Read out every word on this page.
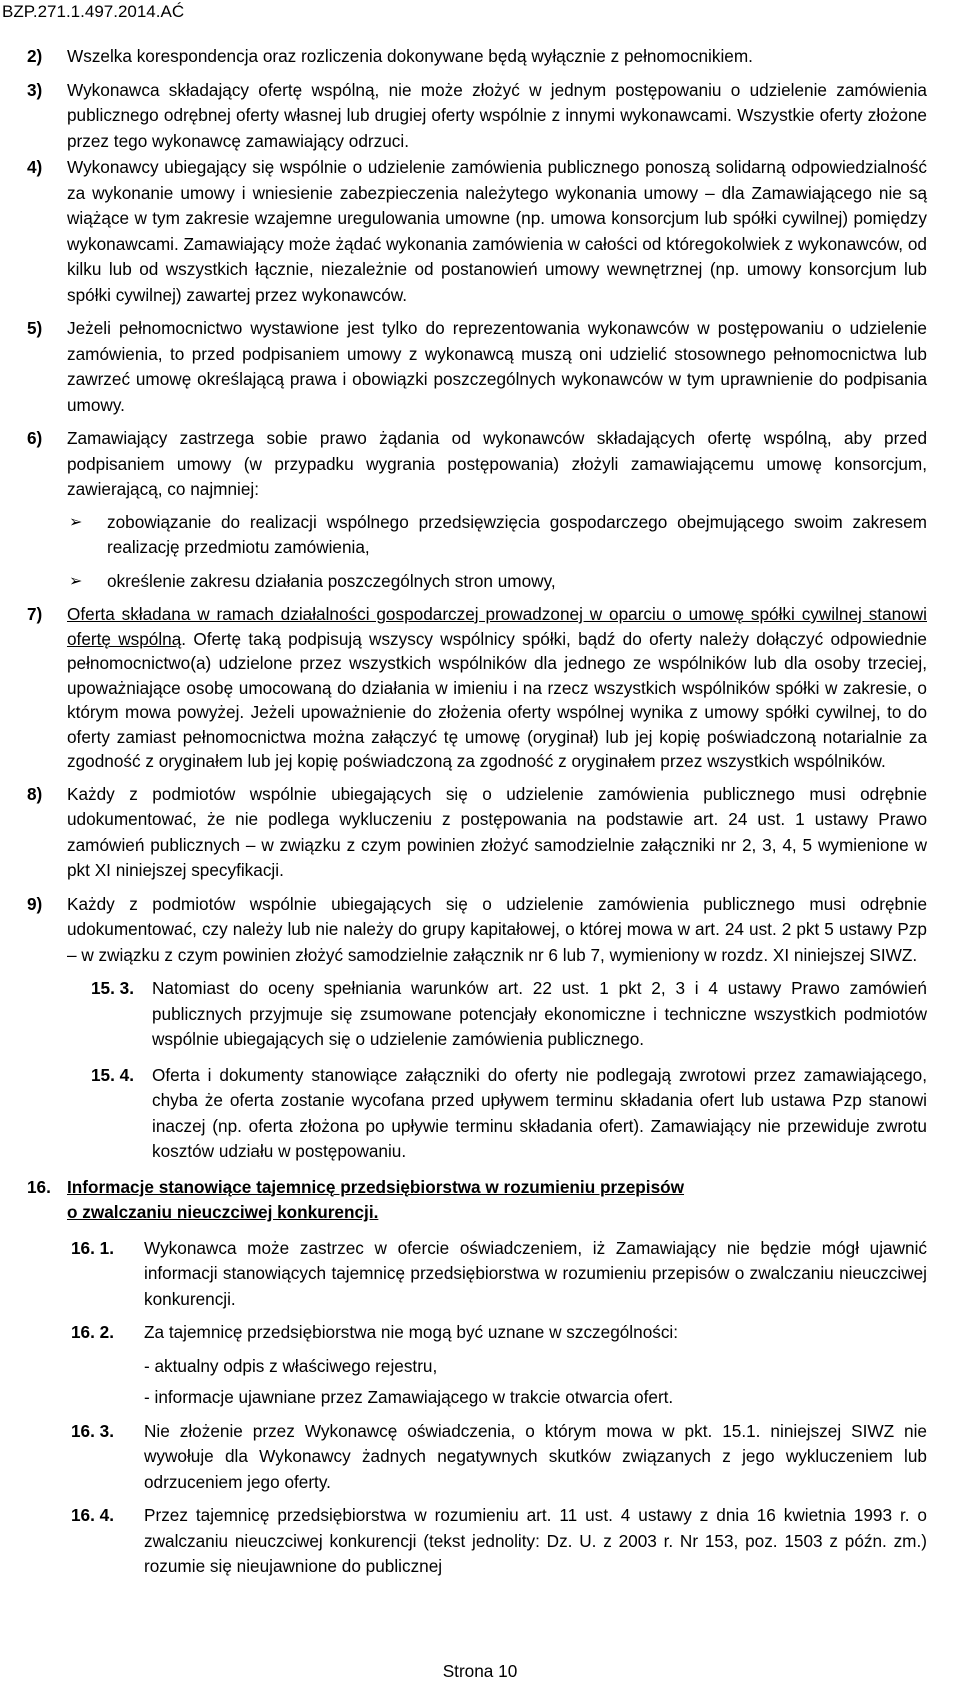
BZP.271.1.497.2014.AĆ
2) Wszelka korespondencja oraz rozliczenia dokonywane będą wyłącznie z pełnomocnikiem.
3) Wykonawca składający ofertę wspólną, nie może złożyć w jednym postępowaniu o udzielenie zamówienia publicznego odrębnej oferty własnej lub drugiej oferty wspólnie z innymi wykonawcami. Wszystkie oferty złożone przez tego wykonawcę zamawiający odrzuci.
4) Wykonawcy ubiegający się wspólnie o udzielenie zamówienia publicznego ponoszą solidarną odpowiedzialność za wykonanie umowy i wniesienie zabezpieczenia należytego wykonania umowy – dla Zamawiającego nie są wiążące w tym zakresie wzajemne uregulowania umowne (np. umowa konsorcjum lub spółki cywilnej) pomiędzy wykonawcami. Zamawiający może żądać wykonania zamówienia w całości od któregokolwiek z wykonawców, od kilku lub od wszystkich łącznie, niezależnie od postanowień umowy wewnętrznej (np. umowy konsorcjum lub spółki cywilnej) zawartej przez wykonawców.
5) Jeżeli pełnomocnictwo wystawione jest tylko do reprezentowania wykonawców w postępowaniu o udzielenie zamówienia, to przed podpisaniem umowy z wykonawcą muszą oni udzielić stosownego pełnomocnictwa lub zawrzeć umowę określającą prawa i obowiązki poszczególnych wykonawców w tym uprawnienie do podpisania umowy.
6) Zamawiający zastrzega sobie prawo żądania od wykonawców składających ofertę wspólną, aby przed podpisaniem umowy (w przypadku wygrania postępowania) złożyli zamawiającemu umowę konsorcjum, zawierającą, co najmniej:
➢ zobowiązanie do realizacji wspólnego przedsięwzięcia gospodarczego obejmującego swoim zakresem realizację przedmiotu zamówienia,
➢ określenie zakresu działania poszczególnych stron umowy,
7) Oferta składana w ramach działalności gospodarczej prowadzonej w oparciu o umowę spółki cywilnej stanowi ofertę wspólną. Ofertę taką podpisują wszyscy wspólnicy spółki, bądź do oferty należy dołączyć odpowiednie pełnomocnictwo(a) udzielone przez wszystkich wspólników dla jednego ze wspólników lub dla osoby trzeciej, upoważniające osobę umocowaną do działania w imieniu i na rzecz wszystkich wspólników spółki w zakresie, o którym mowa powyżej. Jeżeli upoważnienie do złożenia oferty wspólnej wynika z umowy spółki cywilnej, to do oferty zamiast pełnomocnictwa można załączyć tę umowę (oryginał) lub jej kopię poświadczoną notarialnie za zgodność z oryginałem lub jej kopię poświadczoną za zgodność z oryginałem przez wszystkich wspólników.
8) Każdy z podmiotów wspólnie ubiegających się o udzielenie zamówienia publicznego musi odrębnie udokumentować, że nie podlega wykluczeniu z postępowania na podstawie art. 24 ust. 1 ustawy Prawo zamówień publicznych – w związku z czym powinien złożyć samodzielnie załączniki nr 2, 3, 4, 5 wymienione w pkt XI niniejszej specyfikacji.
9) Każdy z podmiotów wspólnie ubiegających się o udzielenie zamówienia publicznego musi odrębnie udokumentować, czy należy lub nie należy do grupy kapitałowej, o której mowa w art. 24 ust. 2 pkt 5 ustawy Pzp – w związku z czym powinien złożyć samodzielnie załącznik nr 6 lub 7, wymieniony w rozdz. XI niniejszej SIWZ.
15. 3. Natomiast do oceny spełniania warunków art. 22 ust. 1 pkt 2, 3 i 4 ustawy Prawo zamówień publicznych przyjmuje się zsumowane potencjały ekonomiczne i techniczne wszystkich podmiotów wspólnie ubiegających się o udzielenie zamówienia publicznego.
15. 4. Oferta i dokumenty stanowiące załączniki do oferty nie podlegają zwrotowi przez zamawiającego, chyba że oferta zostanie wycofana przed upływem terminu składania ofert lub ustawa Pzp stanowi inaczej (np. oferta złożona po upływie terminu składania ofert). Zamawiający nie przewiduje zwrotu kosztów udziału w postępowaniu.
16. Informacje stanowiące tajemnicę przedsiębiorstwa w rozumieniu przepisów
o zwalczaniu nieuczciwej konkurencji.
16. 1. Wykonawca może zastrzec w ofercie oświadczeniem, iż Zamawiający nie będzie mógł ujawnić informacji stanowiących tajemnicę przedsiębiorstwa w rozumieniu przepisów o zwalczaniu nieuczciwej konkurencji.
16. 2. Za tajemnicę przedsiębiorstwa nie mogą być uznane w szczególności:
- aktualny odpis z właściwego rejestru,
- informacje ujawniane przez Zamawiającego w trakcie otwarcia ofert.
16. 3. Nie złożenie przez Wykonawcę oświadczenia, o którym mowa w pkt. 15.1. niniejszej SIWZ nie wywołuje dla Wykonawcy żadnych negatywnych skutków związanych z jego wykluczeniem lub odrzuceniem jego oferty.
16. 4. Przez tajemnicę przedsiębiorstwa w rozumieniu art. 11 ust. 4 ustawy z dnia 16 kwietnia 1993 r. o zwalczaniu nieuczciwej konkurencji (tekst jednolity: Dz. U. z 2003 r. Nr 153, poz. 1503 z późn. zm.) rozumie się nieujawnione do publicznej
Strona 10
